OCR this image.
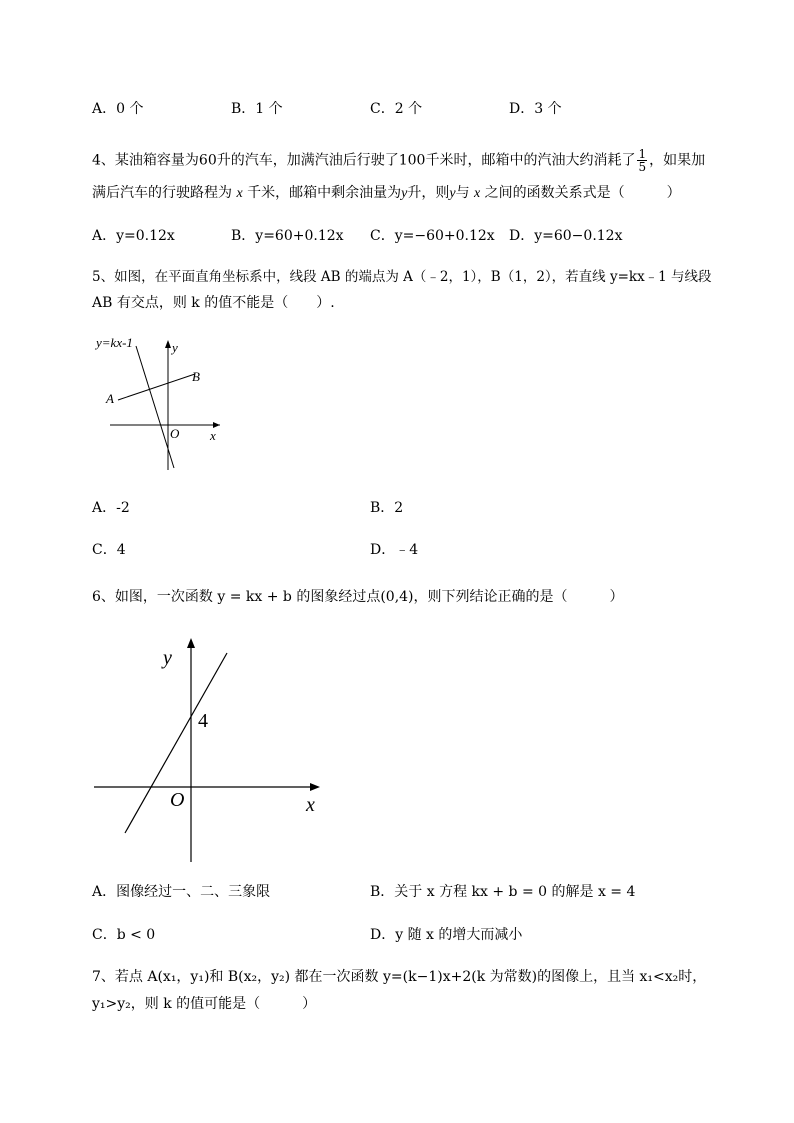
A．0 个	B．1 个	C．2 个	D．3 个
4、某油箱容量为60升的汽车，加满汽油后行驶了100千米时，邮箱中的汽油大约消耗了 $\frac{1}{5}$ ，如果加
满后汽车的行驶路程为 x 千米，邮箱中剩余油量为y升，则y与 x 之间的函数关系式是（　　　）
A．y=0.12x	B．y=60+0.12x C．y=−60+0.12x D．y=60−0.12x
5、如图，在平面直角坐标系中，线段 AB 的端点为 A（﹣2，1），B（1，2），若直线 y=kx﹣1 与线段
AB 有交点，则 k 的值不能是（　　）.
y=kx-1	y
B
A
O x
A．-2	B．2
C．4	D．﹣4
6、如图，一次函数 y = kx + b 的图象经过点(0,4)，则下列结论正确的是（　　　）
y
4
O	x
A．图像经过一、二、三象限	B．关于 x 方程 kx + b = 0 的解是 x = 4
C．b < 0	D．y 随 x 的增大而减小
7、若点 A(x₁，y₁)和 B(x₂，y₂) 都在一次函数 y=(k−1)x+2(k 为常数)的图像上，且当 x₁<x₂时，
y₁>y₂，则 k 的值可能是（　　　）
